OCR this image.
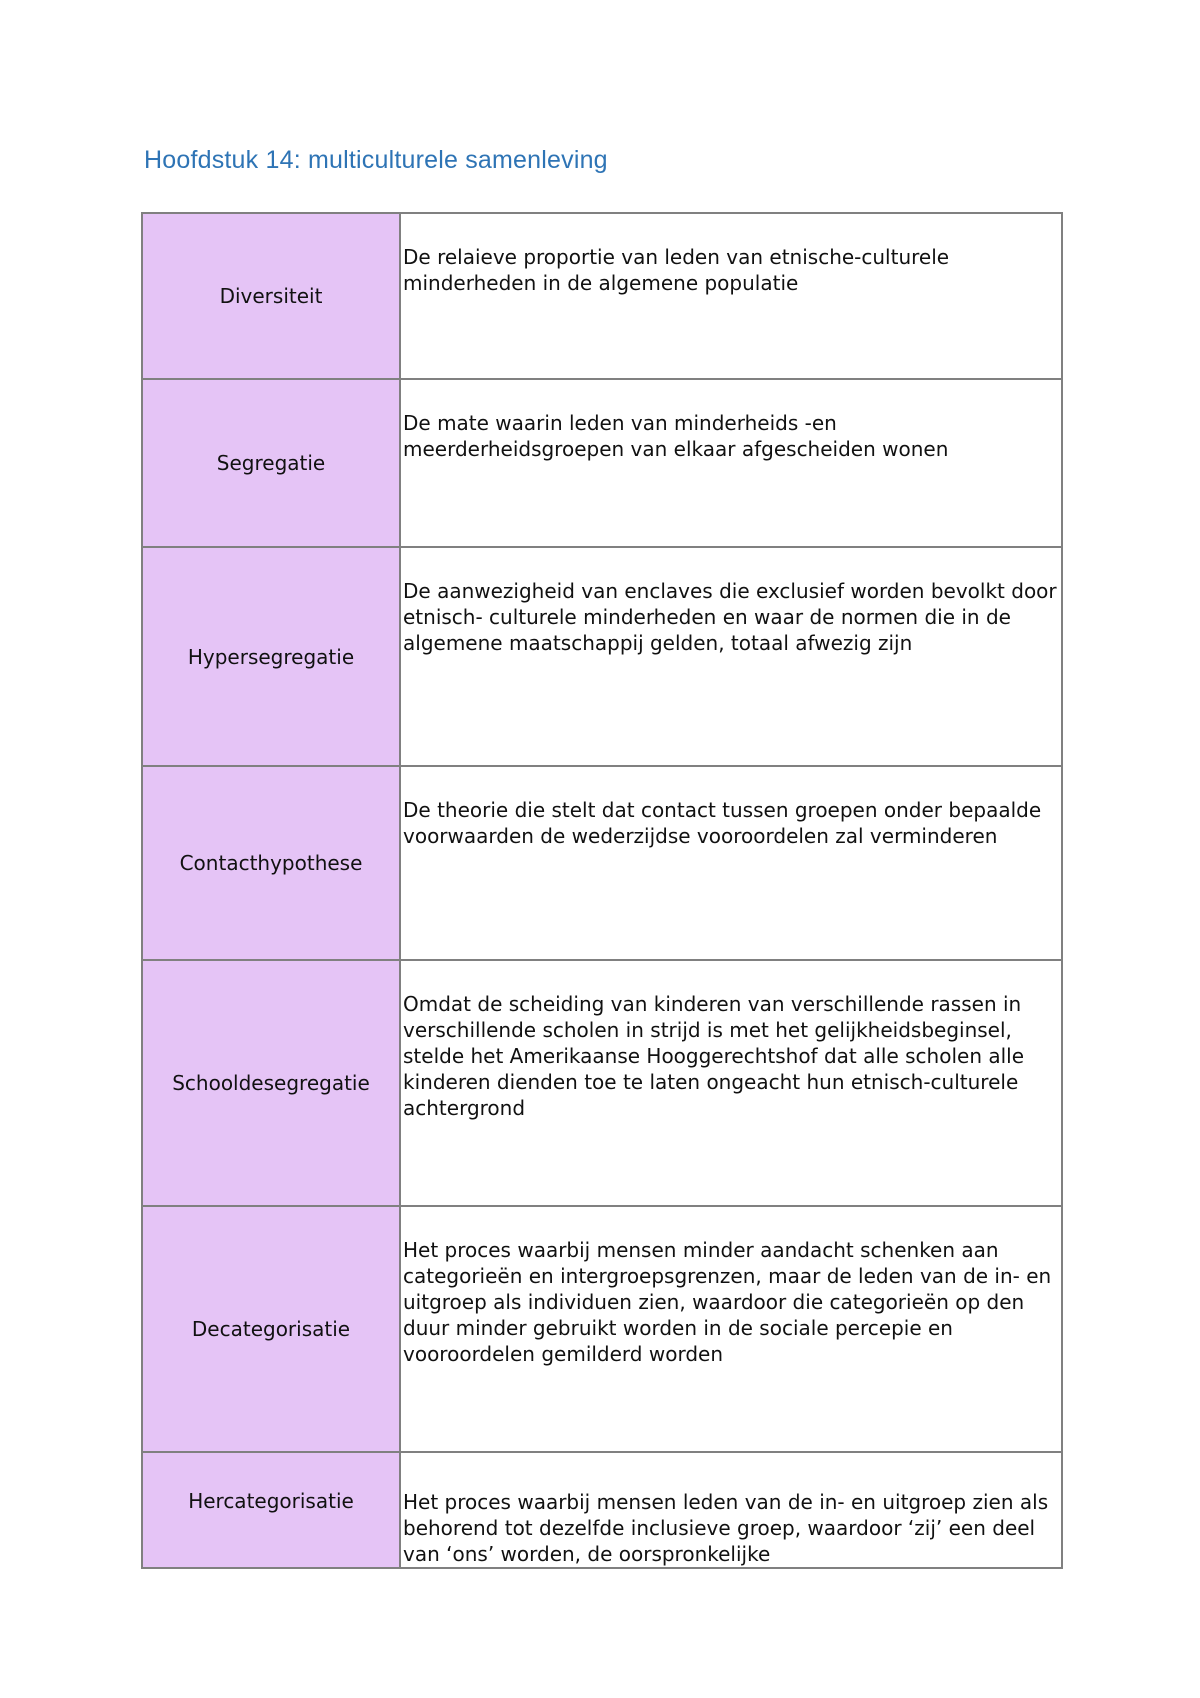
Hoofdstuk 14: multiculturele samenleving
Diversiteit	De relaieve proportie van leden van etnische-culturele minderheden in de algemene populatie

Segregatie	De mate waarin leden van minderheids -en meerderheidsgroepen van elkaar afgescheiden wonen

Hypersegregatie	De aanwezigheid van enclaves die exclusief worden bevolkt door etnisch- culturele minderheden en waar de normen die in de algemene maatschappij gelden, totaal afwezig zijn

Contacthypothese	De theorie die stelt dat contact tussen groepen onder bepaalde voorwaarden de wederzijdse vooroordelen zal verminderen

Schooldesegregatie	Omdat de scheiding van kinderen van verschillende rassen in verschillende scholen in strijd is met het gelijkheidsbeginsel, stelde het Amerikaanse Hooggerechtshof dat alle scholen alle kinderen dienden toe te laten ongeacht hun etnisch-culturele achtergrond

Decategorisatie	Het proces waarbij mensen minder aandacht schenken aan categorieën en intergroepsgrenzen, maar de leden van de in- en uitgroep als individuen zien, waardoor die categorieën op den duur minder gebruikt worden in de sociale percepie en vooroordelen gemilderd worden

Hercategorisatie	Het proces waarbij mensen leden van de in- en uitgroep zien als behorend tot dezelfde inclusieve groep, waardoor ‘zij’ een deel van ‘ons’ worden, de oorspronkelijke
